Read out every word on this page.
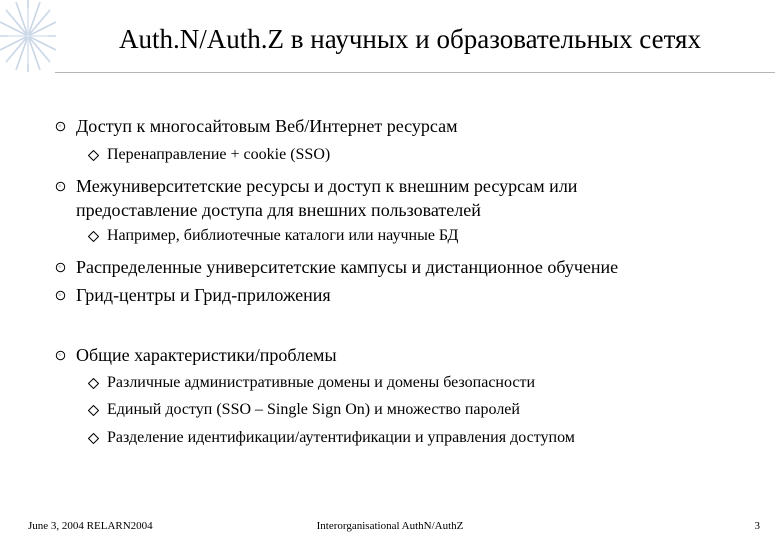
Auth.N/Auth.Z в научных и образовательных сетях
Доступ к многосайтовым Веб/Интернет ресурсам
Перенаправление + cookie (SSO)
Межуниверситетские ресурсы и доступ к внешним ресурсам или
предоставление доступа для внешних пользователей
Например, библиотечные каталоги или научные БД
Распределенные университетские кампусы и дистанционное обучение
Грид-центры и Грид-приложения
Общие характеристики/проблемы
Различные административные домены и домены безопасности
Единый доступ (SSO – Single Sign On) и множество паролей
Разделение идентификации/аутентификации и управления доступом
June 3, 2004 RELARN2004	Interorganisational AuthN/AuthZ	3
